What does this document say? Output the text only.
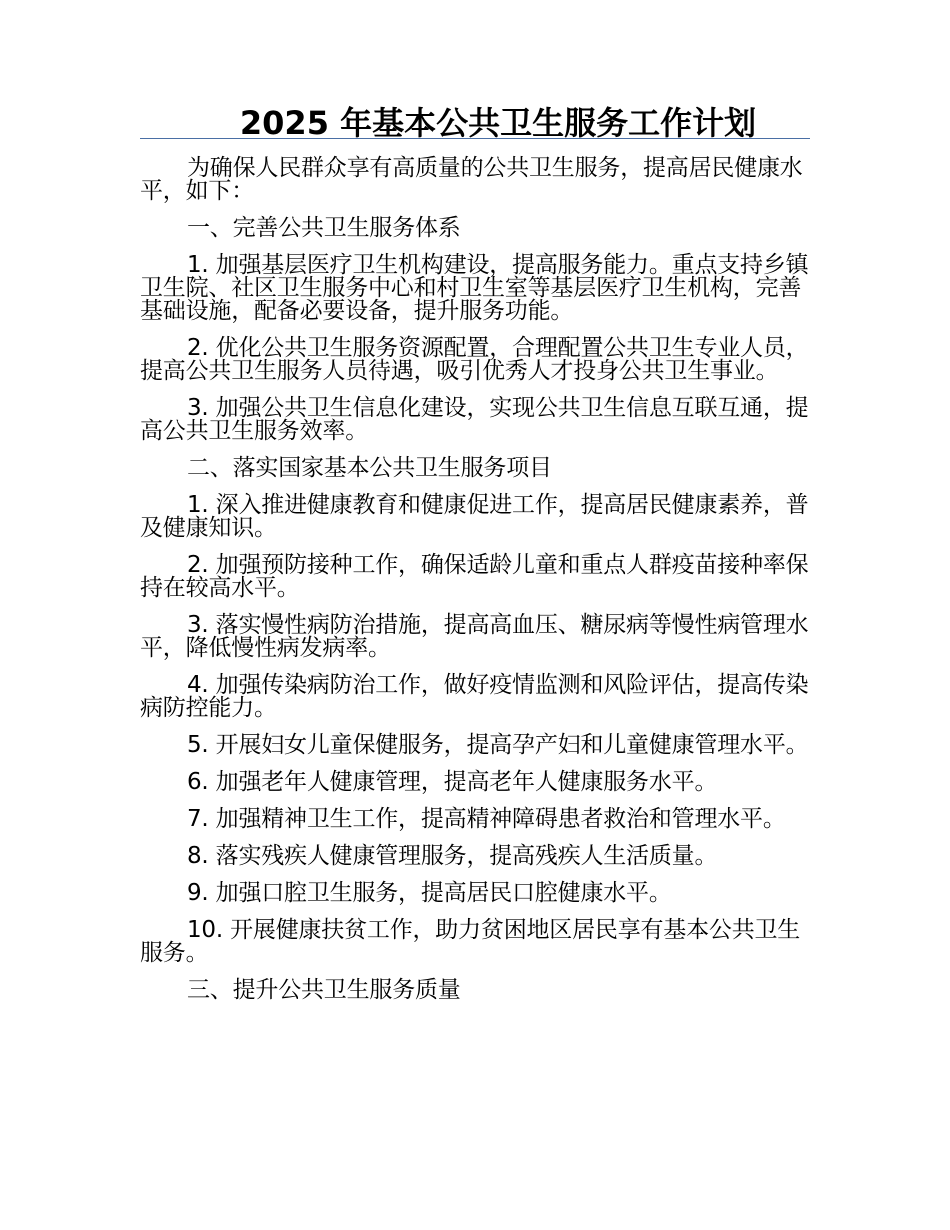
2025 年基本公共卫生服务工作计划

为确保人民群众享有高质量的公共卫生服务，提高居民健康水平，如下：

一、完善公共卫生服务体系

1. 加强基层医疗卫生机构建设，提高服务能力。重点支持乡镇卫生院、社区卫生服务中心和村卫生室等基层医疗卫生机构，完善基础设施，配备必要设备，提升服务功能。

2. 优化公共卫生服务资源配置，合理配置公共卫生专业人员，提高公共卫生服务人员待遇，吸引优秀人才投身公共卫生事业。

3. 加强公共卫生信息化建设，实现公共卫生信息互联互通，提高公共卫生服务效率。

二、落实国家基本公共卫生服务项目

1. 深入推进健康教育和健康促进工作，提高居民健康素养，普及健康知识。

2. 加强预防接种工作，确保适龄儿童和重点人群疫苗接种率保持在较高水平。

3. 落实慢性病防治措施，提高高血压、糖尿病等慢性病管理水平，降低慢性病发病率。

4. 加强传染病防治工作，做好疫情监测和风险评估，提高传染病防控能力。

5. 开展妇女儿童保健服务，提高孕产妇和儿童健康管理水平。

6. 加强老年人健康管理，提高老年人健康服务水平。

7. 加强精神卫生工作，提高精神障碍患者救治和管理水平。

8. 落实残疾人健康管理服务，提高残疾人生活质量。

9. 加强口腔卫生服务，提高居民口腔健康水平。

10. 开展健康扶贫工作，助力贫困地区居民享有基本公共卫生服务。

三、提升公共卫生服务质量
